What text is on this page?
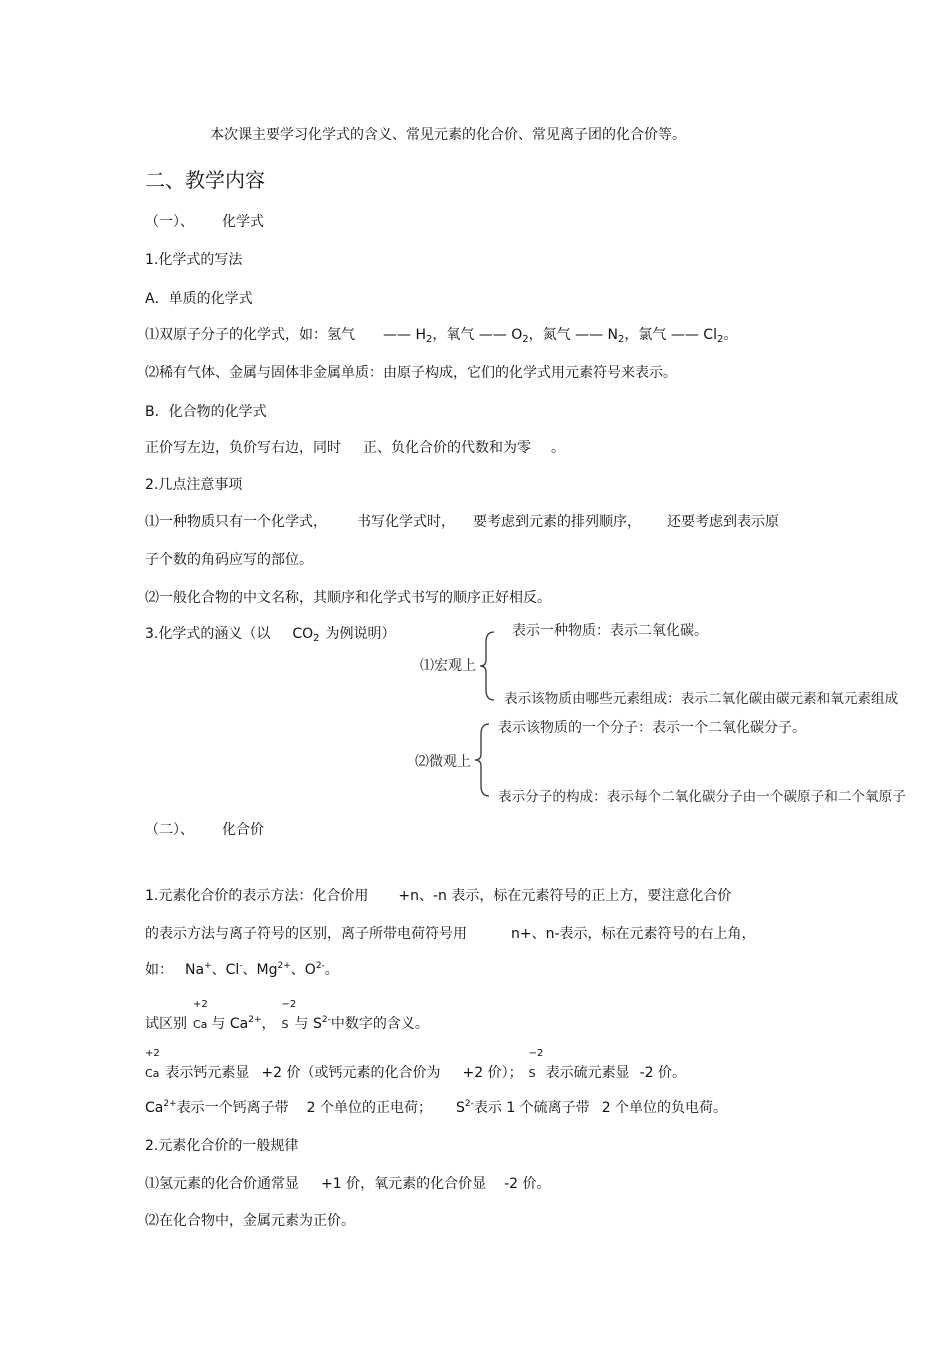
本次课主要学习化学式的含义、常见元素的化合价、常见离子团的化合价等。
二、教学内容
（一）、 化学式
1.化学式的写法
A．单质的化学式
⑴双原子分子的化学式，如：氢气 —— $H_2$，氧气 —— $O_2$，氮气 —— $N_2$，氯气 —— $Cl_2$。
⑵稀有气体、金属与固体非金属单质：由原子构成，它们的化学式用元素符号来表示。
B．化合物的化学式
正价写左边，负价写右边，同时 正、负化合价的代数和为零 。
2.几点注意事项
⑴一种物质只有一个化学式， 书写化学式时， 要考虑到元素的排列顺序， 还要考虑到表示原
子个数的角码应写的部位。
⑵一般化合物的中文名称，其顺序和化学式书写的顺序正好相反。
3.化学式的涵义（以 $CO_2$ 为例说明）
⑴宏观上
表示一种物质：表示二氧化碳。
表示该物质由哪些元素组成：表示二氧化碳由碳元素和氧元素组成
⑵微观上
表示该物质的一个分子：表示一个二氧化碳分子。
表示分子的构成：表示每个二氧化碳分子由一个碳原子和二个氧原子
（二）、 化合价
1.元素化合价的表示方法：化合价用 +n、-n 表示，标在元素符号的正上方，要注意化合价
的表示方法与离子符号的区别，离子所带电荷符号用	n+、n-表示，标在元素符号的右上角，
如： Na+、Cl-、$Mg^{2+}$、$O^{2-}$。
试区别
+2
Ca 与 $Ca^{2+}$，
−2
S 与 $S^{2-}$中数字的含义。
+2
Ca 表示钙元素显 +2 价（或钙元素的化合价为 +2 价）；
−2
S 表示硫元素显 -2 价。
$Ca^{2+}$表示一个钙离子带 2 个单位的正电荷； $S^{2-}$表示 1 个硫离子带 2 个单位的负电荷。
2.元素化合价的一般规律
⑴氢元素的化合价通常显 +1 价，氧元素的化合价显 -2 价。
⑵在化合物中，金属元素为正价。
